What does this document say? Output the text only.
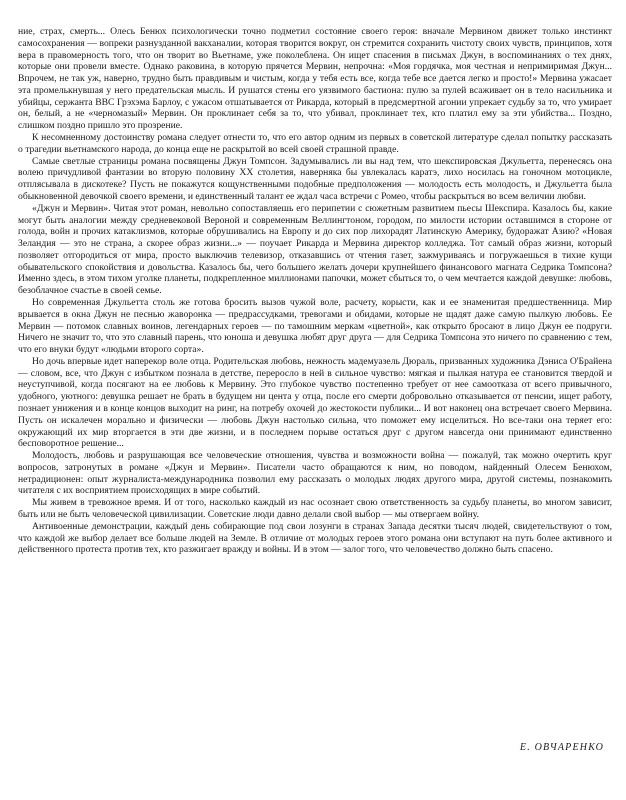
ние, страх, смерть... Олесь Бенюх психологически точно подметил состояние своего героя: вначале Мервином движет только инстинкт самосохранения — вопреки разнузданной вакханалии, которая творится вокруг, он стремится сохранить чистоту своих чувств, принципов, хотя вера в правомерность того, что он творит во Вьетнаме, уже поколеблена. Он ищет спасения в письмах Джун, в воспоминаниях о тех днях, которые они провели вместе. Однако раковина, в которую прячется Мервин, непрочна: «Моя гордячка, моя честная и непримиримая Джун... Впрочем, не так уж, наверно, трудно быть правдивым и чистым, когда у тебя есть все, когда тебе все дается легко и просто!» Мервина ужасает эта промелькнувшая у него предательская мысль. И рушатся стены его уязвимого бастиона: пулю за пулей всаживает он в тело насильника и убийцы, сержанта ВВС Грэхэма Барлоу, с ужасом отшатывается от Рикарда, который в предсмертной агонии упрекает судьбу за то, что умирает он, белый, а не «черномазый» Мервин. Он проклинает себя за то, что убивал, проклинает тех, кто платил ему за эти убийства... Поздно, слишком поздно пришло это прозрение.

К несомненному достоинству романа следует отнести то, что его автор одним из первых в советской литературе сделал попытку рассказать о трагедии вьетнамского народа, до конца еще не раскрытой во всей своей страшной правде.

Самые светлые страницы романа посвящены Джун Томпсон. Задумывались ли вы над тем, что шекспировская Джульетта, перенесясь она волею причудливой фантазии во вторую половину XX столетия, наверняка бы увлекалась каратэ, лихо носилась на гоночном мотоцикле, отплясывала в дискотеке? Пусть не покажутся кощунственными подобные предположения — молодость есть молодость, и Джульетта была обыкновенной девочкой своего времени, и единственный талант ее ждал часа встречи с Ромео, чтобы раскрыться во всем величии любви.

«Джун и Мервин». Читая этот роман, невольно сопоставляешь его перипетии с сюжетным развитием пьесы Шекспира. Казалось бы, какие могут быть аналогии между средневековой Вероной и современным Веллингтоном, городом, по милости истории оставшимся в стороне от голода, войн и прочих катаклизмов, которые обрушивались на Европу и до сих пор лихорадят Латинскую Америку, будоражат Азию? «Новая Зеландия — это не страна, а скорее образ жизни...» — поучает Рикарда и Мервина директор колледжа. Тот самый образ жизни, который позволяет отгородиться от мира, просто выключив телевизор, отказавшись от чтения газет, зажмуриваясь и погружаешься в тихие кущи обывательского спокойствия и довольства. Казалось бы, чего большего желать дочери крупнейшего финансового магната Седрика Томпсона? Именно здесь, в этом тихом уголке планеты, подкрепленное миллионами папочки, может сбыться то, о чем мечтается каждой девушке: любовь, безоблачное счастье в своей семье.

Но современная Джульетта столь же готова бросить вызов чужой воле, расчету, корысти, как и ее знаменитая предшественница. Мир врывается в окна Джун не песнью жаворонка — предрассудками, тревогами и обидами, которые не щадят даже самую пылкую любовь. Ее Мервин — потомок славных воинов, легендарных героев — по тамошним меркам «цветной», как открыто бросают в лицо Джун ее подруги. Ничего не значит то, что это славный парень, что юноша и девушка любят друг друга — для Седрика Томпсона это ничего по сравнению с тем, что его внуки будут «людьми второго сорта».

Но дочь впервые идет наперекор воле отца. Родительская любовь, нежность мадемуазель Дюраль, призванных художника Дэниса О'Брайена — словом, все, что Джун с избытком познала в детстве, переросло в ней в сильное чувство: мягкая и пылкая натура ее становится твердой и неуступчивой, когда посягают на ее любовь к Мервину. Это глубокое чувство постепенно требует от нее самоотказа от всего привычного, удобного, уютного: девушка решает не брать в будущем ни цента у отца, после его смерти добровольно отказывается от пенсии, ищет работу, познает унижения и в конце концов выходит на ринг, на потребу охочей до жестокости публики... И вот наконец она встречает своего Мервина. Пусть он искалечен морально и физически — любовь Джун настолько сильна, что поможет ему исцелиться. Но все-таки она теряет его: окружающий их мир вторгается в эти две жизни, и в последнем порыве остаться друг с другом навсегда они принимают единственно бесповоротное решение...

Молодость, любовь и разрушающая все человеческие отношения, чувства и возможности война — пожалуй, так можно очертить круг вопросов, затронутых в романе «Джун и Мервин». Писатели часто обращаются к ним, но поводом, найденный Олесем Бенюхом, нетрадиционен: опыт журналиста-международника позволил ему рассказать о молодых людях другого мира, другой системы, познакомить читателя с их восприятием происходящих в мире событий.

Мы живем в тревожное время. И от того, насколько каждый из нас осознает свою ответственность за судьбу планеты, во многом зависит, быть или не быть человеческой цивилизации. Советские люди давно делали свой выбор — мы отвергаем войну.

Антивоенные демонстрации, каждый день собирающие под свои лозунги в странах Запада десятки тысяч людей, свидетельствуют о том, что каждой же выбор делает все больше людей на Земле. В отличие от молодых героев этого романа они вступают на путь более активного и действенного протеста против тех, кто разжигает вражду и войны. И в этом — залог того, что человечество должно быть спасено.

Е. ОВЧАРЕНКО
